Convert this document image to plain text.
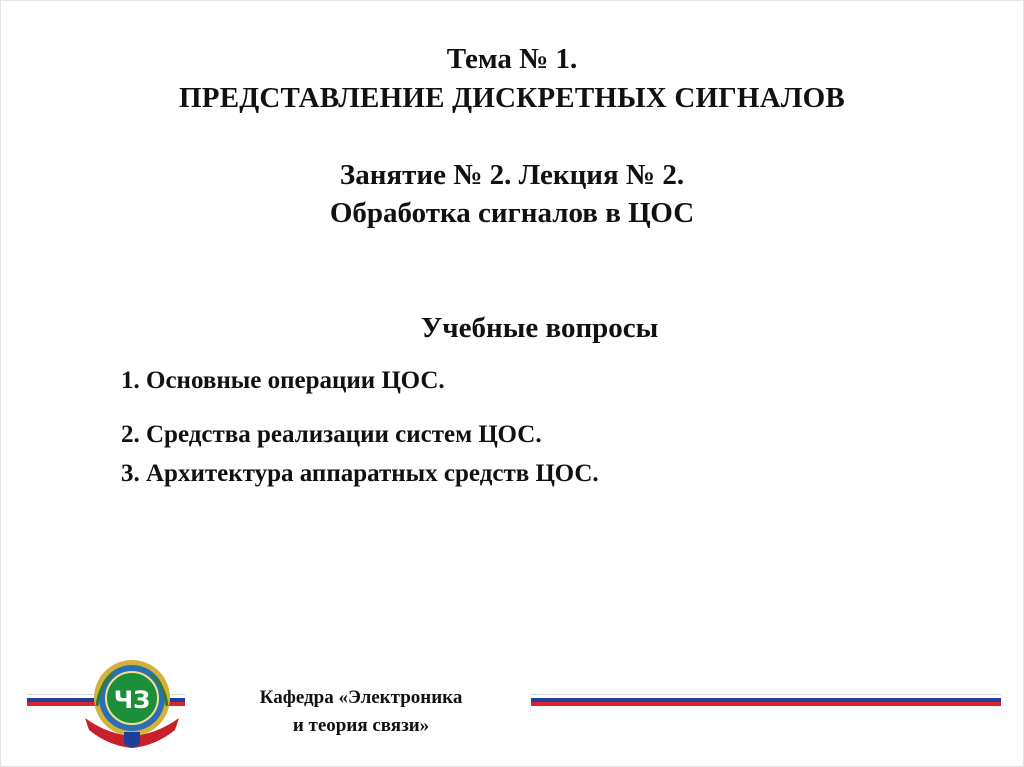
Тема № 1.
ПРЕДСТАВЛЕНИЕ ДИСКРЕТНЫХ СИГНАЛОВ
Занятие № 2. Лекция № 2.
Обработка сигналов в ЦОС
Учебные вопросы
1. Основные операции ЦОС.
2. Средства реализации систем ЦОС.
3. Архитектура аппаратных средств ЦОС.
ЧЗ	Кафедра «Электроника
и теория связи»
